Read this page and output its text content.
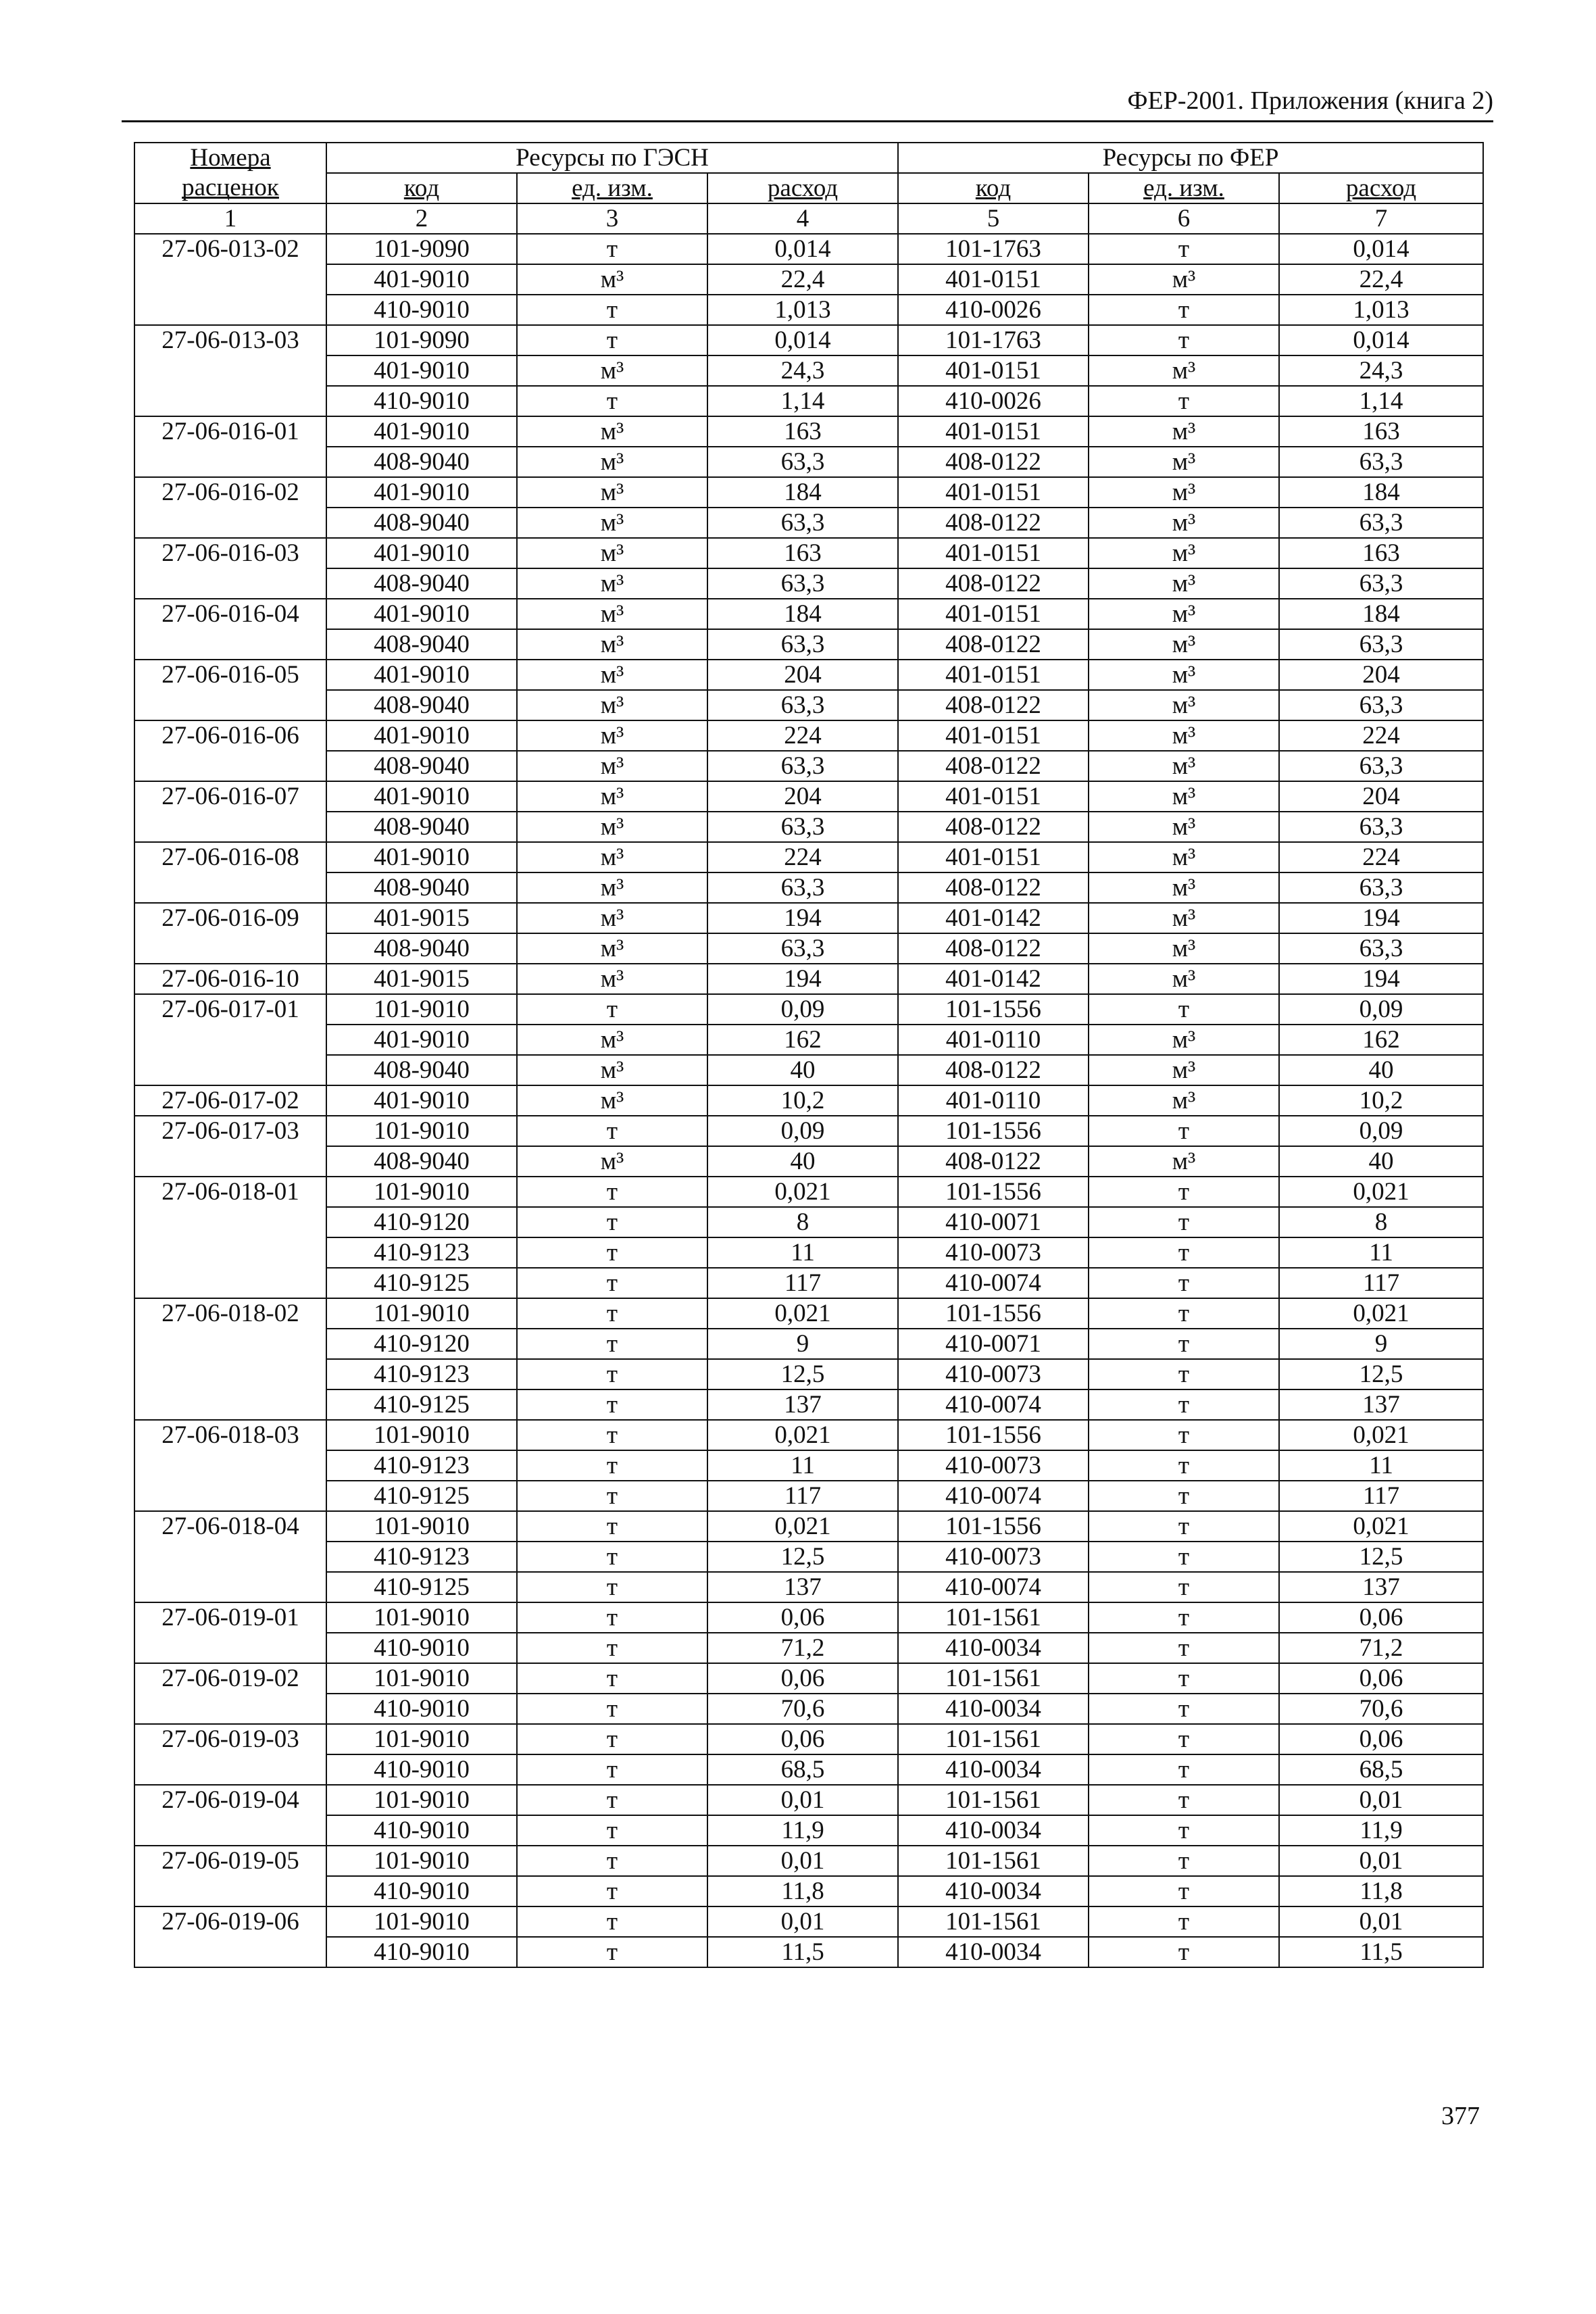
ФЕР-2001. Приложения (книга 2)
Номера расценок	Ресурсы по ГЭСН			Ресурсы по ФЕР		
	код	ед. изм.	расход	код	ед. изм.	расход
1	2	3	4	5	6	7
27-06-013-02	101-9090	т	0,014	101-1763	т	0,014
	401-9010	м³	22,4	401-0151	м³	22,4
	410-9010	т	1,013	410-0026	т	1,013
27-06-013-03	101-9090	т	0,014	101-1763	т	0,014
	401-9010	м³	24,3	401-0151	м³	24,3
	410-9010	т	1,14	410-0026	т	1,14
27-06-016-01	401-9010	м³	163	401-0151	м³	163
	408-9040	м³	63,3	408-0122	м³	63,3
27-06-016-02	401-9010	м³	184	401-0151	м³	184
	408-9040	м³	63,3	408-0122	м³	63,3
27-06-016-03	401-9010	м³	163	401-0151	м³	163
	408-9040	м³	63,3	408-0122	м³	63,3
27-06-016-04	401-9010	м³	184	401-0151	м³	184
	408-9040	м³	63,3	408-0122	м³	63,3
27-06-016-05	401-9010	м³	204	401-0151	м³	204
	408-9040	м³	63,3	408-0122	м³	63,3
27-06-016-06	401-9010	м³	224	401-0151	м³	224
	408-9040	м³	63,3	408-0122	м³	63,3
27-06-016-07	401-9010	м³	204	401-0151	м³	204
	408-9040	м³	63,3	408-0122	м³	63,3
27-06-016-08	401-9010	м³	224	401-0151	м³	224
	408-9040	м³	63,3	408-0122	м³	63,3
27-06-016-09	401-9015	м³	194	401-0142	м³	194
	408-9040	м³	63,3	408-0122	м³	63,3
27-06-016-10	401-9015	м³	194	401-0142	м³	194
27-06-017-01	101-9010	т	0,09	101-1556	т	0,09
	401-9010	м³	162	401-0110	м³	162
	408-9040	м³	40	408-0122	м³	40
27-06-017-02	401-9010	м³	10,2	401-0110	м³	10,2
27-06-017-03	101-9010	т	0,09	101-1556	т	0,09
	408-9040	м³	40	408-0122	м³	40
27-06-018-01	101-9010	т	0,021	101-1556	т	0,021
	410-9120	т	8	410-0071	т	8
	410-9123	т	11	410-0073	т	11
	410-9125	т	117	410-0074	т	117
27-06-018-02	101-9010	т	0,021	101-1556	т	0,021
	410-9120	т	9	410-0071	т	9
	410-9123	т	12,5	410-0073	т	12,5
	410-9125	т	137	410-0074	т	137
27-06-018-03	101-9010	т	0,021	101-1556	т	0,021
	410-9123	т	11	410-0073	т	11
	410-9125	т	117	410-0074	т	117
27-06-018-04	101-9010	т	0,021	101-1556	т	0,021
	410-9123	т	12,5	410-0073	т	12,5
	410-9125	т	137	410-0074	т	137
27-06-019-01	101-9010	т	0,06	101-1561	т	0,06
	410-9010	т	71,2	410-0034	т	71,2
27-06-019-02	101-9010	т	0,06	101-1561	т	0,06
	410-9010	т	70,6	410-0034	т	70,6
27-06-019-03	101-9010	т	0,06	101-1561	т	0,06
	410-9010	т	68,5	410-0034	т	68,5
27-06-019-04	101-9010	т	0,01	101-1561	т	0,01
	410-9010	т	11,9	410-0034	т	11,9
27-06-019-05	101-9010	т	0,01	101-1561	т	0,01
	410-9010	т	11,8	410-0034	т	11,8
27-06-019-06	101-9010	т	0,01	101-1561	т	0,01
	410-9010	т	11,5	410-0034	т	11,5
377
